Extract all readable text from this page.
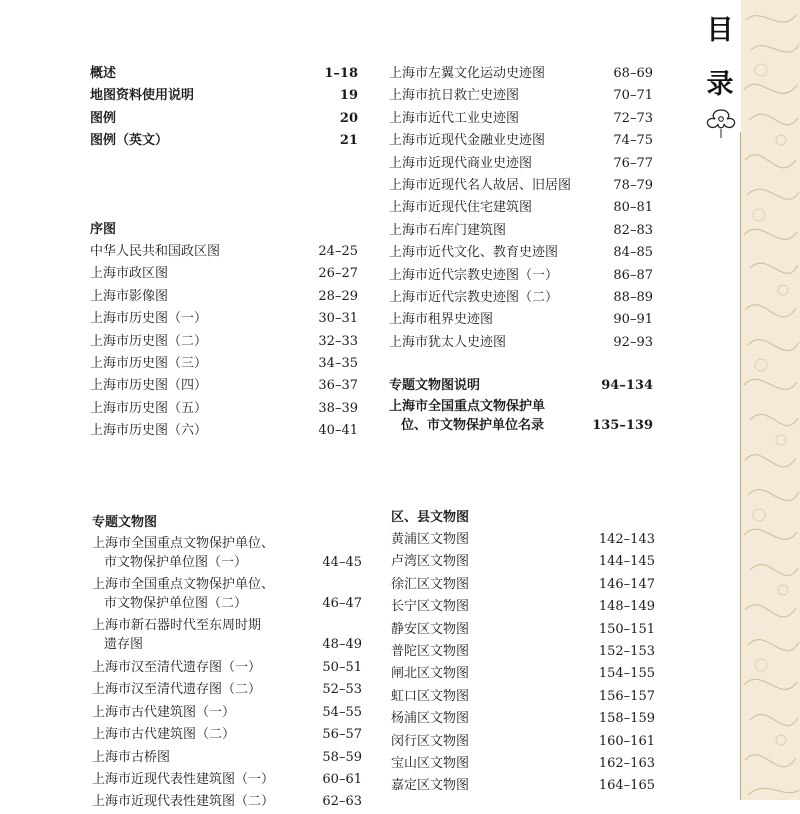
目
录
概述	1–18
地图资料使用说明	19
图例	20
图例（英文）	21
序图
中华人民共和国政区图	24–25
上海市政区图	26–27
上海市影像图	28–29
上海市历史图（一）	30–31
上海市历史图（二）	32–33
上海市历史图（三）	34–35
上海市历史图（四）	36–37
上海市历史图（五）	38–39
上海市历史图（六）	40–41
专题文物图
上海市全国重点文物保护单位、
市文物保护单位图（一）	44–45
上海市全国重点文物保护单位、
市文物保护单位图（二）	46–47
上海市新石器时代至东周时期
遗存图	48–49
上海市汉至清代遗存图（一）	50–51
上海市汉至清代遗存图（二）	52–53
上海市古代建筑图（一）	54–55
上海市古代建筑图（二）	56–57
上海市古桥图	58–59
上海市近现代表性建筑图（一）	60–61
上海市近现代表性建筑图（二）	62–63
上海市左翼文化运动史迹图	68–69
上海市抗日救亡史迹图	70–71
上海市近代工业史迹图	72–73
上海市近现代金融业史迹图	74–75
上海市近现代商业史迹图	76–77
上海市近现代名人故居、旧居图	78–79
上海市近现代住宅建筑图	80–81
上海市石库门建筑图	82–83
上海市近代文化、教育史迹图	84–85
上海市近代宗教史迹图（一）	86–87
上海市近代宗教史迹图（二）	88–89
上海市租界史迹图	90–91
上海市犹太人史迹图	92–93
专题文物图说明	94–134
上海市全国重点文物保护单
位、市文物保护单位名录	135–139
区、县文物图
黄浦区文物图	142–143
卢湾区文物图	144–145
徐汇区文物图	146–147
长宁区文物图	148–149
静安区文物图	150–151
普陀区文物图	152–153
闸北区文物图	154–155
虹口区文物图	156–157
杨浦区文物图	158–159
闵行区文物图	160–161
宝山区文物图	162–163
嘉定区文物图	164–165
